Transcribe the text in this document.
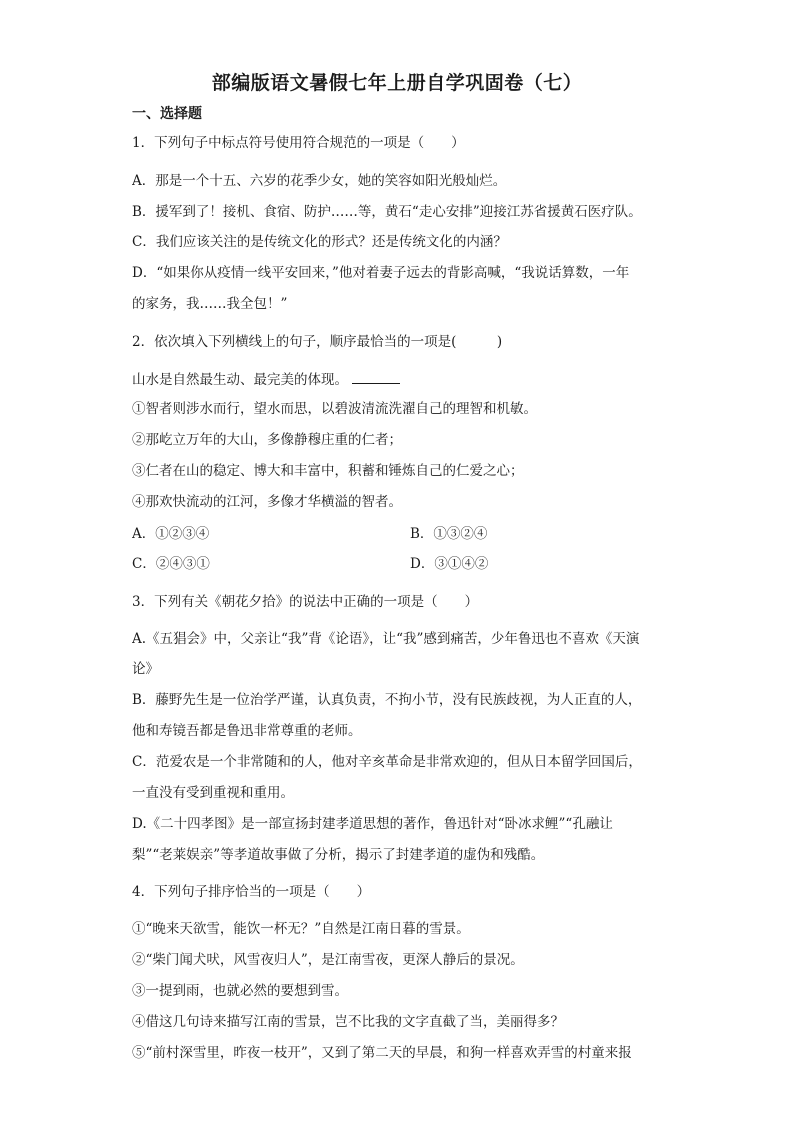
部编版语文暑假七年上册自学巩固卷（七）
一、选择题
1．下列句子中标点符号使用符合规范的一项是（　　）
A．那是一个十五、六岁的花季少女，她的笑容如阳光般灿烂。
B．援军到了！接机、食宿、防护……等，黄石“走心安排”迎接江苏省援黄石医疗队。
C．我们应该关注的是传统文化的形式？还是传统文化的内涵？
D．“如果你从疫情一线平安回来，”他对着妻子远去的背影高喊，“我说话算数，一年
的家务，我……我全包！”
2．依次填入下列横线上的句子，顺序最恰当的一项是(　　　)
山水是自然最生动、最完美的体现。
①智者则涉水而行，望水而思，以碧波清流洗濯自己的理智和机敏。
②那屹立万年的大山，多像静穆庄重的仁者；
③仁者在山的稳定、博大和丰富中，积蓄和锤炼自己的仁爱之心；
④那欢快流动的江河，多像才华横溢的智者。
A．①②③④	B．①③②④
C．②④③①	D．③①④②
3．下列有关《朝花夕拾》的说法中正确的一项是（　　）
A.《五猖会》中，父亲让“我”背《论语》，让“我”感到痛苦，少年鲁迅也不喜欢《天演
论》
B．藤野先生是一位治学严谨，认真负责，不拘小节，没有民族歧视，为人正直的人，
他和寿镜吾都是鲁迅非常尊重的老师。
C．范爱农是一个非常随和的人，他对辛亥革命是非常欢迎的，但从日本留学回国后，
一直没有受到重视和重用。
D.《二十四孝图》是一部宣扬封建孝道思想的著作，鲁迅针对“卧冰求鲤”“孔融让
梨”“老莱娱亲”等孝道故事做了分析，揭示了封建孝道的虚伪和残酷。
4．下列句子排序恰当的一项是（　　）
①“晚来天欲雪，能饮一杯无？”自然是江南日暮的雪景。
②“柴门闻犬吠，风雪夜归人”，是江南雪夜，更深人静后的景况。
③一提到雨，也就必然的要想到雪。
④借这几句诗来描写江南的雪景，岂不比我的文字直截了当，美丽得多？
⑤“前村深雪里，昨夜一枝开”，又到了第二天的早晨，和狗一样喜欢弄雪的村童来报
